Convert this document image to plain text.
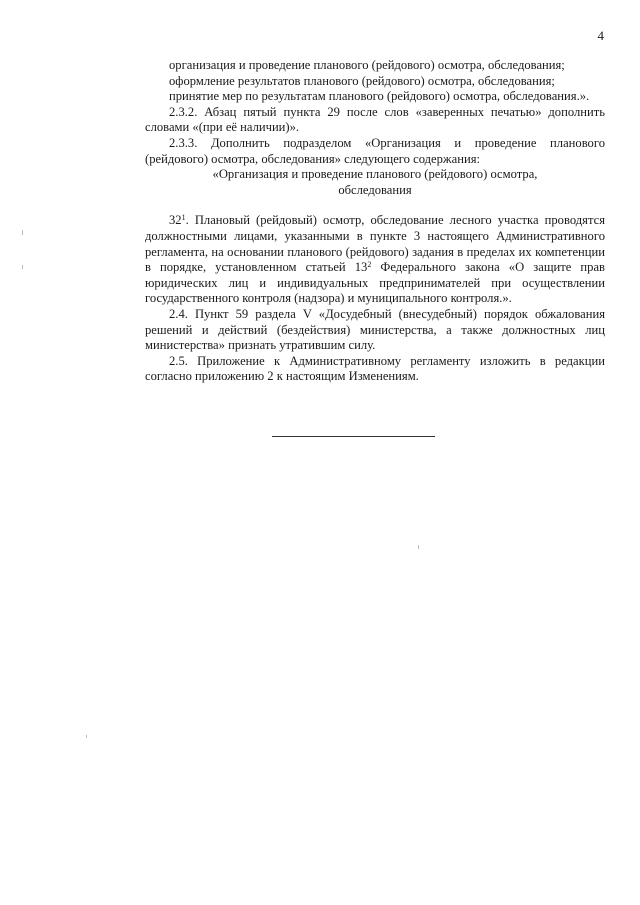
4

организация и проведение планового (рейдового) осмотра, обследования;

оформление результатов планового (рейдового) осмотра, обследования;

принятие мер по результатам планового (рейдового) осмотра, обследования.».

2.3.2. Абзац пятый пункта 29 после слов «заверенных печатью» дополнить словами «(при её наличии)».

2.3.3. Дополнить подразделом «Организация и проведение планового (рейдового) осмотра, обследования» следующего содержания:

«Организация и проведение планового (рейдового) осмотра,

обследования

$32^1$. Плановый (рейдовый) осмотр, обследование лесного участка проводятся должностными лицами, указанными в пункте 3 настоящего Административного регламента, на основании планового (рейдового) задания в пределах их компетенции в порядке, установленном статьей $13^2$ Федерального закона «О защите прав юридических лиц и индивидуальных предпринимателей при осуществлении государственного контроля (надзора) и муниципального контроля.».

2.4. Пункт 59 раздела V «Досудебный (внесудебный) порядок обжалования решений и действий (бездействия) министерства, а также должностных лиц министерства» признать утратившим силу.

2.5. Приложение к Административному регламенту изложить в редакции согласно приложению 2 к настоящим Изменениям.
